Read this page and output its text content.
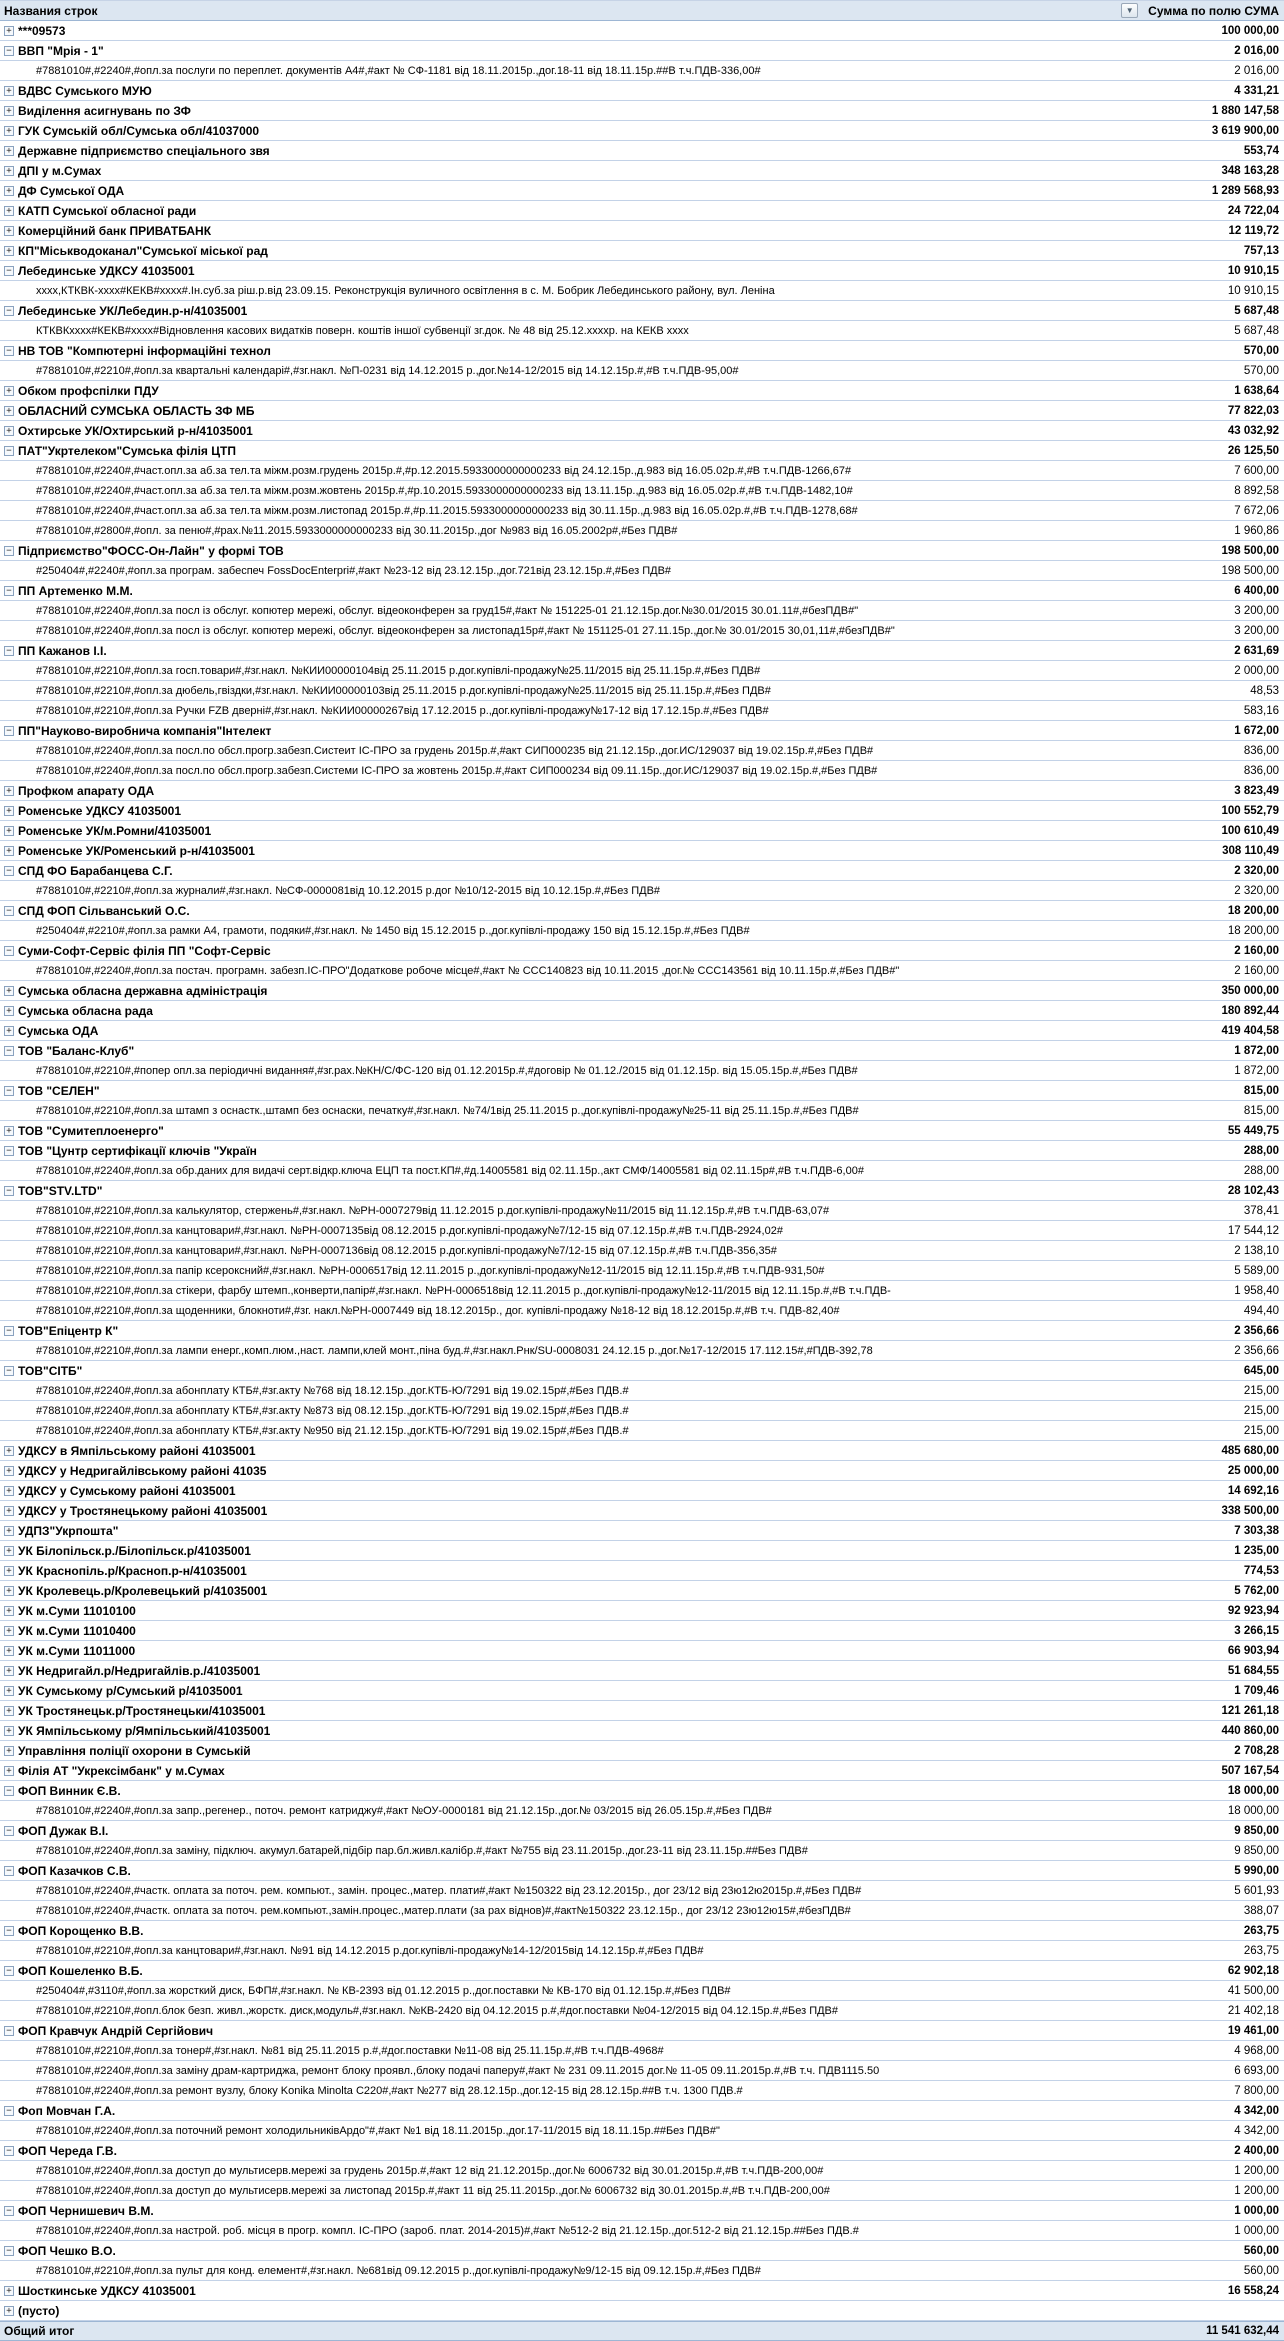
Названия строк	▼	Сумма по полю СУМА
+ ***09573	100 000,00
− ВВП "Мрія - 1"	2 016,00
#7881010#,#2240#,#опл.за послуги по переплет. документів А4#,#акт № СФ-1181 від 18.11.2015р.,дог.18-11 від 18.11.15р.##В т.ч.ПДВ-336,00#	2 016,00
+ ВДВС Сумського МУЮ	4 331,21
+ Виділення асигнувань по ЗФ	1 880 147,58
+ ГУК Сумській обл/Сумська обл/41037000	3 619 900,00
+ Державне підприємство спеціального звя	553,74
+ ДПІ у м.Сумах	348 163,28
+ ДФ Сумської ОДА	1 289 568,93
+ КАТП Сумської обласної ради	24 722,04
+ Комерційний банк ПРИВАТБАНК	12 119,72
+ КП"Міськводоканал"Сумської міської рад	757,13
− Лебединське УДКСУ 41035001	10 910,15
хххх,КТКВК-хххх#КЕКВ#хххх#.Ін.суб.за ріш.р.від 23.09.15. Реконструкція вуличного освітлення в с. М. Бобрик Лебединського району, вул. Леніна	10 910,15
− Лебединське УК/Лебедин.р-н/41035001	5 687,48
КТКВКхххх#КЕКВ#хххх#Відновлення касових видатків поверн. коштів іншої субвенції зг.док. № 48 від 25.12.ххххр. на КЕКВ хххх	5 687,48
− НВ ТОВ "Компютерні інформаційні технол	570,00
#7881010#,#2210#,#опл.за квартальні календарі#,#зг.накл. №П-0231 від 14.12.2015 р.,дог.№14-12/2015 від 14.12.15р.#,#В т.ч.ПДВ-95,00#	570,00
+ Обком профспілки ПДУ	1 638,64
+ ОБЛАСНИЙ СУМСЬКА ОБЛАСТЬ ЗФ МБ	77 822,03
+ Охтирське УК/Охтирський р-н/41035001	43 032,92
− ПАТ"Укртелеком"Сумська філія ЦТП	26 125,50
#7881010#,#2240#,#част.опл.за аб.за тел.та міжм.розм.грудень 2015р.#,#р.12.2015.5933000000000233 від 24.12.15р.,д.983 від 16.05.02р.#,#В т.ч.ПДВ-1266,67#	7 600,00
#7881010#,#2240#,#част.опл.за аб.за тел.та міжм.розм.жовтень 2015р.#,#р.10.2015.5933000000000233 від 13.11.15р.,д.983 від 16.05.02р.#,#В т.ч.ПДВ-1482,10#	8 892,58
#7881010#,#2240#,#част.опл.за аб.за тел.та міжм.розм.листопад 2015р.#,#р.11.2015.5933000000000233 від 30.11.15р.,д.983 від 16.05.02р.#,#В т.ч.ПДВ-1278,68#	7 672,06
#7881010#,#2800#,#опл. за пеню#,#рах.№11.2015.5933000000000233 від 30.11.2015р.,дог №983 від 16.05.2002р#,#Без ПДВ#	1 960,86
− Підприємство"ФОСС-Он-Лайн" у формі ТОВ	198 500,00
#250404#,#2240#,#опл.за програм. забеспеч FossDocEnterpri#,#акт №23-12 від 23.12.15р.,дог.721від 23.12.15р.#,#Без ПДВ#	198 500,00
− ПП Артеменко М.М.	6 400,00
#7881010#,#2240#,#опл.за посл із обслуг. копютер мережі, обслуг. відеоконферен за груд15#,#акт № 151225-01 21.12.15р.дог.№30.01/2015 30.01.11#,#безПДВ#"	3 200,00
#7881010#,#2240#,#опл.за посл із обслуг. копютер мережі, обслуг. відеоконферен за листопад15р#,#акт № 151125-01 27.11.15р.,дог.№ 30.01/2015 30,01,11#,#безПДВ#"	3 200,00
− ПП Кажанов І.І.	2 631,69
#7881010#,#2210#,#опл.за госп.товари#,#зг.накл. №КИИ00000104від 25.11.2015 р.дог.купівлі-продажу№25.11/2015 від 25.11.15р.#,#Без ПДВ#	2 000,00
#7881010#,#2210#,#опл.за дюбель,гвіздки,#зг.накл. №КИИ00000103від 25.11.2015 р.дог.купівлі-продажу№25.11/2015 від 25.11.15р.#,#Без ПДВ#	48,53
#7881010#,#2210#,#опл.за Ручки FZB дверні#,#зг.накл. №КИИ00000267від 17.12.2015 р.,дог.купівлі-продажу№17-12 від 17.12.15р.#,#Без ПДВ#	583,16
− ПП"Науково-виробнича компанія"Інтелект	1 672,00
#7881010#,#2240#,#опл.за посл.по обсл.прогр.забезп.Систеит ІС-ПРО за грудень 2015р.#,#акт СИП000235 від 21.12.15р.,дог.ИС/129037 від 19.02.15р.#,#Без ПДВ#	836,00
#7881010#,#2240#,#опл.за посл.по обсл.прогр.забезп.Системи ІС-ПРО за жовтень 2015р.#,#акт СИП000234 від 09.11.15р.,дог.ИС/129037 від 19.02.15р.#,#Без ПДВ#	836,00
+ Профком апарату ОДА	3 823,49
+ Роменське УДКСУ 41035001	100 552,79
+ Роменське УК/м.Ромни/41035001	100 610,49
+ Роменське УК/Роменський р-н/41035001	308 110,49
− СПД ФО Барабанцева С.Г.	2 320,00
#7881010#,#2210#,#опл.за журнали#,#зг.накл. №СФ-0000081від 10.12.2015 р.дог №10/12-2015 від 10.12.15р.#,#Без ПДВ#	2 320,00
− СПД ФОП Сільванський О.С.	18 200,00
#250404#,#2210#,#опл.за рамки А4, грамоти, подяки#,#зг.накл. № 1450 від 15.12.2015 р.,дог.купівлі-продажу 150 від 15.12.15р.#,#Без ПДВ#	18 200,00
− Суми-Софт-Сервіс філія ПП "Софт-Сервіс	2 160,00
#7881010#,#2240#,#опл.за постач. програмн. забезп.ІС-ПРО"Додаткове робоче місце#,#акт № ССС140823 від 10.11.2015 ,дог.№ ССС143561 від 10.11.15р.#,#Без ПДВ#"	2 160,00
+ Сумська обласна державна адміністрація	350 000,00
+ Сумська обласна рада	180 892,44
+ Сумська ОДА	419 404,58
− ТОВ "Баланс-Клуб"	1 872,00
#7881010#,#2210#,#попер опл.за періодичні видання#,#зг.рах.№КН/С/ФС-120 від 01.12.2015р.#,#договір № 01.12./2015 від 01.12.15р. від 15.05.15р.#,#Без ПДВ#	1 872,00
− ТОВ "СЕЛЕН"	815,00
#7881010#,#2210#,#опл.за штамп з оснастк.,штамп без оснаски, печатку#,#зг.накл. №74/1від 25.11.2015 р.,дог.купівлі-продажу№25-11 від 25.11.15р.#,#Без ПДВ#	815,00
+ ТОВ "Сумитеплоенерго"	55 449,75
− ТОВ "Цунтр сертифікації ключів "Україн	288,00
#7881010#,#2240#,#опл.за обр.даних для видачі серт.відкр.ключа ЕЦП та пост.КП#,#д.14005581 від 02.11.15р.,акт СМФ/14005581 від 02.11.15р#,#В т.ч.ПДВ-6,00#	288,00
− ТОВ"STV.LTD"	28 102,43
#7881010#,#2210#,#опл.за калькулятор, стержень#,#зг.накл. №РН-0007279від 11.12.2015 р.дог.купівлі-продажу№11/2015 від 11.12.15р.#,#В т.ч.ПДВ-63,07#	378,41
#7881010#,#2210#,#опл.за канцтовари#,#зг.накл. №РН-0007135від 08.12.2015 р.дог.купівлі-продажу№7/12-15 від 07.12.15р.#,#В т.ч.ПДВ-2924,02#	17 544,12
#7881010#,#2210#,#опл.за канцтовари#,#зг.накл. №РН-0007136від 08.12.2015 р.дог.купівлі-продажу№7/12-15 від 07.12.15р.#,#В т.ч.ПДВ-356,35#	2 138,10
#7881010#,#2210#,#опл.за папір ксероксний#,#зг.накл. №РН-0006517від 12.11.2015 р.,дог.купівлі-продажу№12-11/2015 від 12.11.15р.#,#В т.ч.ПДВ-931,50#	5 589,00
#7881010#,#2210#,#опл.за стікери, фарбу штемп.,конверти,папір#,#зг.накл. №РН-0006518від 12.11.2015 р.,дог.купівлі-продажу№12-11/2015 від 12.11.15р.#,#В т.ч.ПДВ-	1 958,40
#7881010#,#2210#,#опл.за щоденники, блокноти#,#зг. накл.№РН-0007449 від 18.12.2015р., дог. купівлі-продажу №18-12 від 18.12.2015р.#,#В т.ч. ПДВ-82,40#	494,40
− ТОВ"Епіцентр К"	2 356,66
#7881010#,#2210#,#опл.за лампи енерг.,комп.люм.,наст. лампи,клей монт.,піна буд.#,#зг.накл.Рнк/SU-0008031 24.12.15 р.,дог.№17-12/2015 17.112.15#,#ПДВ-392,78	2 356,66
− ТОВ"СІТБ"	645,00
#7881010#,#2240#,#опл.за абонплату КТБ#,#зг.акту №768 від 18.12.15р.,дог.КТБ-Ю/7291 від 19.02.15р#,#Без ПДВ.#	215,00
#7881010#,#2240#,#опл.за абонплату КТБ#,#зг.акту №873 від 08.12.15р.,дог.КТБ-Ю/7291 від 19.02.15р#,#Без ПДВ.#	215,00
#7881010#,#2240#,#опл.за абонплату КТБ#,#зг.акту №950 від 21.12.15р.,дог.КТБ-Ю/7291 від 19.02.15р#,#Без ПДВ.#	215,00
+ УДКСУ в Ямпільському районі 41035001	485 680,00
+ УДКСУ у Недригайлівському районі 41035	25 000,00
+ УДКСУ у Сумському районі 41035001	14 692,16
+ УДКСУ у Тростянецькому районі 41035001	338 500,00
+ УДПЗ"Укрпошта"	7 303,38
+ УК Білопільск.р./Білопільск.р/41035001	1 235,00
+ УК Краснопіль.р/Красноп.р-н/41035001	774,53
+ УК Кролевець.р/Кролевецький р/41035001	5 762,00
+ УК м.Суми 11010100	92 923,94
+ УК м.Суми 11010400	3 266,15
+ УК м.Суми 11011000	66 903,94
+ УК Недригайл.р/Недригайлів.р./41035001	51 684,55
+ УК Сумському р/Сумський р/41035001	1 709,46
+ УК Тростянецьк.р/Тростянецьки/41035001	121 261,18
+ УК Ямпільському р/Ямпільський/41035001	440 860,00
+ Управління поліції охорони в Сумській	2 708,28
+ Філія АТ "Укрексімбанк" у м.Сумах	507 167,54
− ФОП Винник Є.В.	18 000,00
#7881010#,#2240#,#опл.за запр.,регенер., поточ. ремонт катриджу#,#акт №ОУ-0000181 від 21.12.15р.,дог.№ 03/2015 від 26.05.15р.#,#Без ПДВ#	18 000,00
− ФОП Дужак В.І.	9 850,00
#7881010#,#2240#,#опл.за заміну, підключ. акумул.батарей,підбір пар.бл.живл.калібр.#,#акт №755 від 23.11.2015р.,дог.23-11 від 23.11.15р.##Без ПДВ#	9 850,00
− ФОП Казачков С.В.	5 990,00
#7881010#,#2240#,#частк. оплата за поточ. рем. компьют., замін. процес.,матер. плати#,#акт №150322 від 23.12.2015р., дог 23/12 від 23ю12ю2015р.#,#Без ПДВ#	5 601,93
#7881010#,#2240#,#частк. оплата за поточ. рем.компьют.,замін.процес.,матер.плати (за рах віднов)#,#акт№150322 23.12.15р., дог 23/12 23ю12ю15#,#безПДВ#	388,07
− ФОП Корощенко В.В.	263,75
#7881010#,#2210#,#опл.за канцтовари#,#зг.накл. №91 від 14.12.2015 р.дог.купівлі-продажу№14-12/2015від 14.12.15р.#,#Без ПДВ#	263,75
− ФОП Кошеленко В.Б.	62 902,18
#250404#,#3110#,#опл.за жорсткий диск, БФП#,#зг.накл. № КВ-2393 від 01.12.2015 р.,дог.поставки № КВ-170 від 01.12.15р.#,#Без ПДВ#	41 500,00
#7881010#,#2210#,#опл.блок безп. живл.,жорстк. диск,модуль#,#зг.накл. №КВ-2420 від 04.12.2015 р.#,#дог.поставки №04-12/2015 від 04.12.15р.#,#Без ПДВ#	21 402,18
− ФОП Кравчук Андрій Сергійович	19 461,00
#7881010#,#2210#,#опл.за тонер#,#зг.накл. №81 від 25.11.2015 р.#,#дог.поставки №11-08 від 25.11.15р.#,#В т.ч.ПДВ-4968#	4 968,00
#7881010#,#2240#,#опл.за заміну драм-картриджа, ремонт блоку проявл.,блоку подачі паперу#,#акт № 231 09.11.2015 дог.№ 11-05 09.11.2015р.#,#В т.ч. ПДВ1115.50	6 693,00
#7881010#,#2240#,#опл.за ремонт вузлу, блоку Konika Minolta C220#,#акт №277 від 28.12.15р.,дог.12-15 від 28.12.15р.##В т.ч. 1300 ПДВ.#	7 800,00
− Фоп Мовчан Г.А.	4 342,00
#7881010#,#2240#,#опл.за поточний ремонт холодильниківАрдо"#,#акт №1 від 18.11.2015р.,дог.17-11/2015 від 18.11.15р.##Без ПДВ#"	4 342,00
− ФОП Череда Г.В.	2 400,00
#7881010#,#2240#,#опл.за доступ до мультисерв.мережі за грудень 2015р.#,#акт 12 від 21.12.2015р.,дог.№ 6006732 від 30.01.2015р.#,#В т.ч.ПДВ-200,00#	1 200,00
#7881010#,#2240#,#опл.за доступ до мультисерв.мережі за листопад 2015р.#,#акт 11 від 25.11.2015р.,дог.№ 6006732 від 30.01.2015р.#,#В т.ч.ПДВ-200,00#	1 200,00
− ФОП Чернишевич В.М.	1 000,00
#7881010#,#2240#,#опл.за настрой. роб. місця в прогр. компл. ІС-ПРО (зароб. плат. 2014-2015)#,#акт №512-2 від 21.12.15р.,дог.512-2 від 21.12.15р.##Без ПДВ.#	1 000,00
− ФОП Чешко В.О.	560,00
#7881010#,#2210#,#опл.за пульт для конд. елемент#,#зг.накл. №681від 09.12.2015 р.,дог.купівлі-продажу№9/12-15 від 09.12.15р.#,#Без ПДВ#	560,00
+ Шосткинське УДКСУ 41035001	16 558,24
+ (пусто)
Общий итог	11 541 632,44
